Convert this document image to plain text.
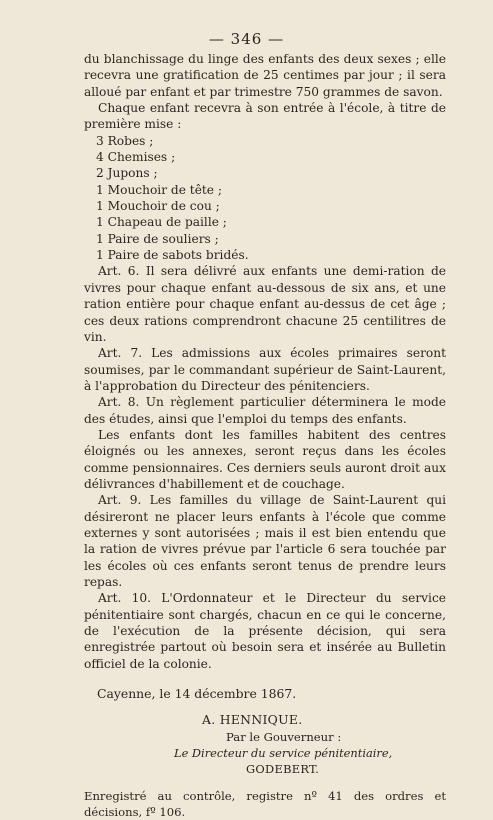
— 346 —

du blanchissage du linge des enfants des deux sexes ; elle recevra une gratification de 25 centimes par jour ; il sera alloué par enfant et par trimestre 750 grammes de savon.

Chaque enfant recevra à son entrée à l'école, à titre de première mise :

3 Robes ;
4 Chemises ;
2 Jupons ;
1 Mouchoir de tête ;
1 Mouchoir de cou ;
1 Chapeau de paille ;
1 Paire de souliers ;
1 Paire de sabots bridés.

Art. 6. Il sera délivré aux enfants une demi-ration de vivres pour chaque enfant au-dessous de six ans, et une ration entière pour chaque enfant au-dessus de cet âge ; ces deux rations comprendront chacune 25 centilitres de vin.

Art. 7. Les admissions aux écoles primaires seront soumises, par le commandant supérieur de Saint-Laurent, à l'approbation du Directeur des pénitenciers.

Art. 8. Un règlement particulier déterminera le mode des études, ainsi que l'emploi du temps des enfants.

Les enfants dont les familles habitent des centres éloignés ou les annexes, seront reçus dans les écoles comme pensionnaires. Ces derniers seuls auront droit aux délivrances d'habillement et de couchage.

Art. 9. Les familles du village de Saint-Laurent qui désireront ne placer leurs enfants à l'école que comme externes y sont autorisées ; mais il est bien entendu que la ration de vivres prévue par l'article 6 sera touchée par les écoles où ces enfants seront tenus de prendre leurs repas.

Art. 10. L'Ordonnateur et le Directeur du service pénitentiaire sont chargés, chacun en ce qui le concerne, de l'exécution de la présente décision, qui sera enregistrée partout où besoin sera et insérée au Bulletin officiel de la colonie.

Cayenne, le 14 décembre 1867.
A. HENNIQUE.
Par le Gouverneur :
Le Directeur du service pénitentiaire,
GODEBERT.
Enregistré au contrôle, registre nº 41 des ordres et décisions, fº 106.
